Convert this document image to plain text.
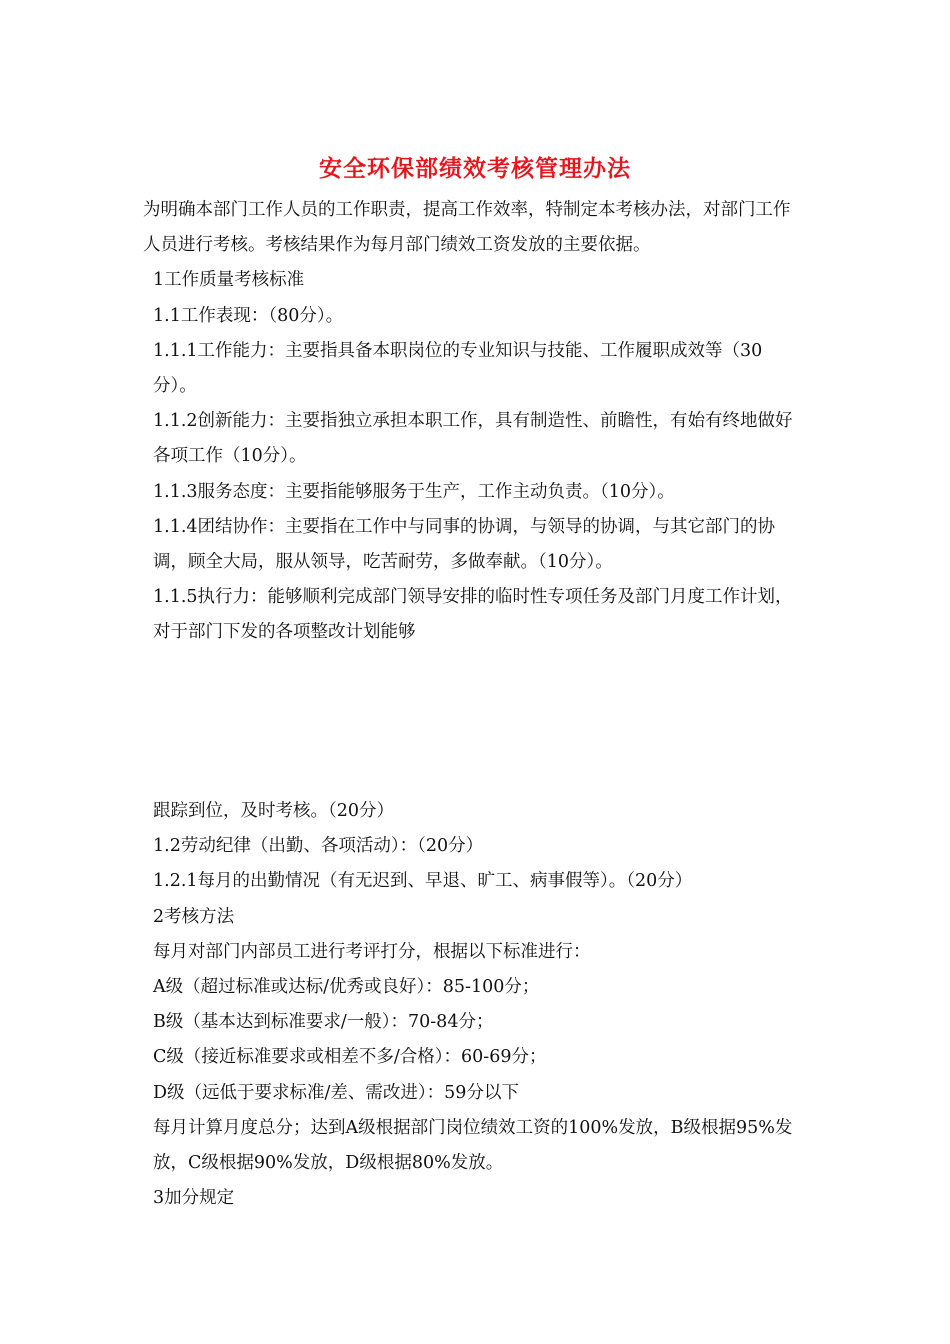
安全环保部绩效考核管理办法

为明确本部门工作人员的工作职责，提高工作效率，特制定本考核办法，对部门工作人员进行考核。考核结果作为每月部门绩效工资发放的主要依据。

1工作质量考核标准

1.1工作表现：（80分）。

1.1.1工作能力：主要指具备本职岗位的专业知识与技能、工作履职成效等（30分）。

1.1.2创新能力：主要指独立承担本职工作，具有制造性、前瞻性，有始有终地做好各项工作（10分）。

1.1.3服务态度：主要指能够服务于生产，工作主动负责。（10分）。

1.1.4团结协作：主要指在工作中与同事的协调，与领导的协调，与其它部门的协调，顾全大局，服从领导，吃苦耐劳，多做奉献。（10分）。

1.1.5执行力：能够顺利完成部门领导安排的临时性专项任务及部门月度工作计划，对于部门下发的各项整改计划能够

跟踪到位，及时考核。（20分）

1.2劳动纪律（出勤、各项活动）：（20分）

1.2.1每月的出勤情况（有无迟到、早退、旷工、病事假等）。（20分）

2考核方法

每月对部门内部员工进行考评打分，根据以下标准进行：

A级（超过标准或达标/优秀或良好）：85-100分；

B级（基本达到标准要求/一般）：70-84分；

C级（接近标准要求或相差不多/合格）：60-69分；

D级（远低于要求标准/差、需改进）：59分以下

每月计算月度总分；达到A级根据部门岗位绩效工资的100%发放，B级根据95%发放，C级根据90%发放，D级根据80%发放。

3加分规定
